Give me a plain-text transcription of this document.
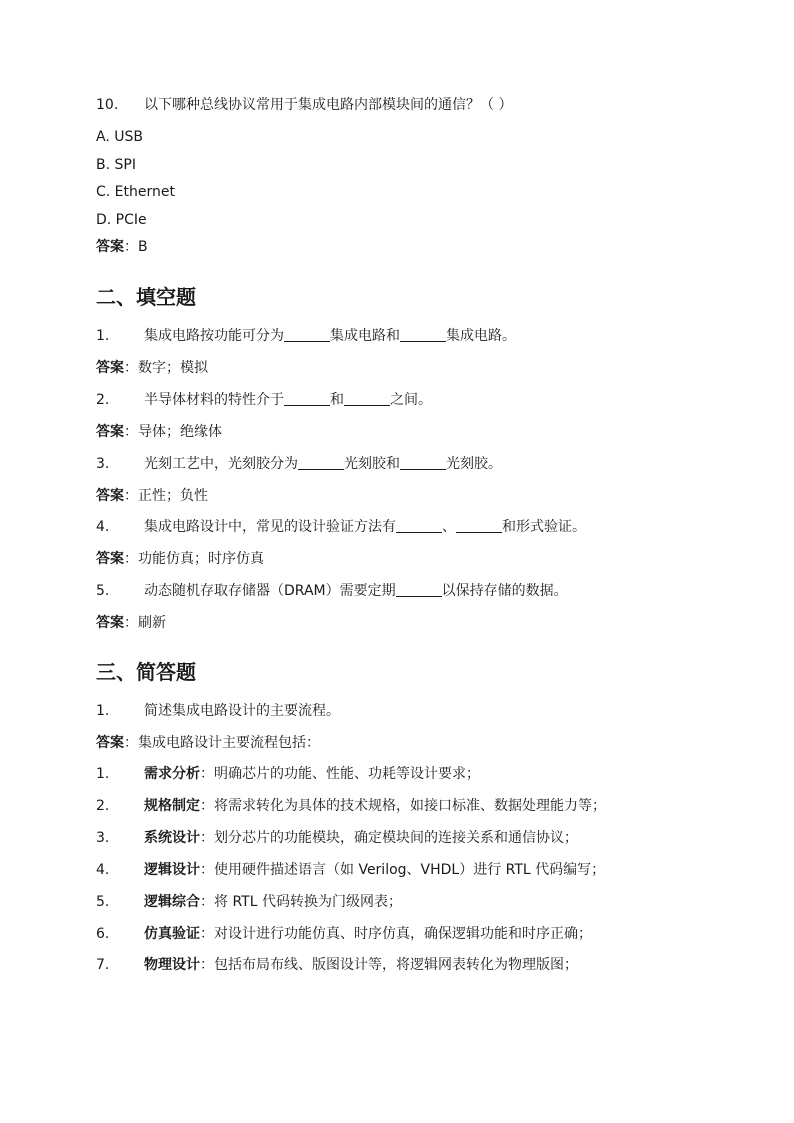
10. 以下哪种总线协议常用于集成电路内部模块间的通信？（ ）
A. USB
B. SPI
C. Ethernet
D. PCIe
答案：B
二、填空题
1. 集成电路按功能可分为	集成电路和	集成电路。
答案：数字；模拟
2. 半导体材料的特性介于	和	之间。
答案：导体；绝缘体
3. 光刻工艺中，光刻胶分为	光刻胶和	光刻胶。
答案：正性；负性
4. 集成电路设计中，常见的设计验证方法有	、	和形式验证。
答案：功能仿真；时序仿真
5. 动态随机存取存储器（DRAM）需要定期	以保持存储的数据。
答案：刷新
三、简答题
1. 简述集成电路设计的主要流程。
答案：集成电路设计主要流程包括：
1. 需求分析：明确芯片的功能、性能、功耗等设计要求；
2. 规格制定：将需求转化为具体的技术规格，如接口标准、数据处理能力等；
3. 系统设计：划分芯片的功能模块，确定模块间的连接关系和通信协议；
4. 逻辑设计：使用硬件描述语言（如 Verilog、VHDL）进行 RTL 代码编写；
5. 逻辑综合：将 RTL 代码转换为门级网表；
6. 仿真验证：对设计进行功能仿真、时序仿真，确保逻辑功能和时序正确；
7. 物理设计：包括布局布线、版图设计等，将逻辑网表转化为物理版图；
